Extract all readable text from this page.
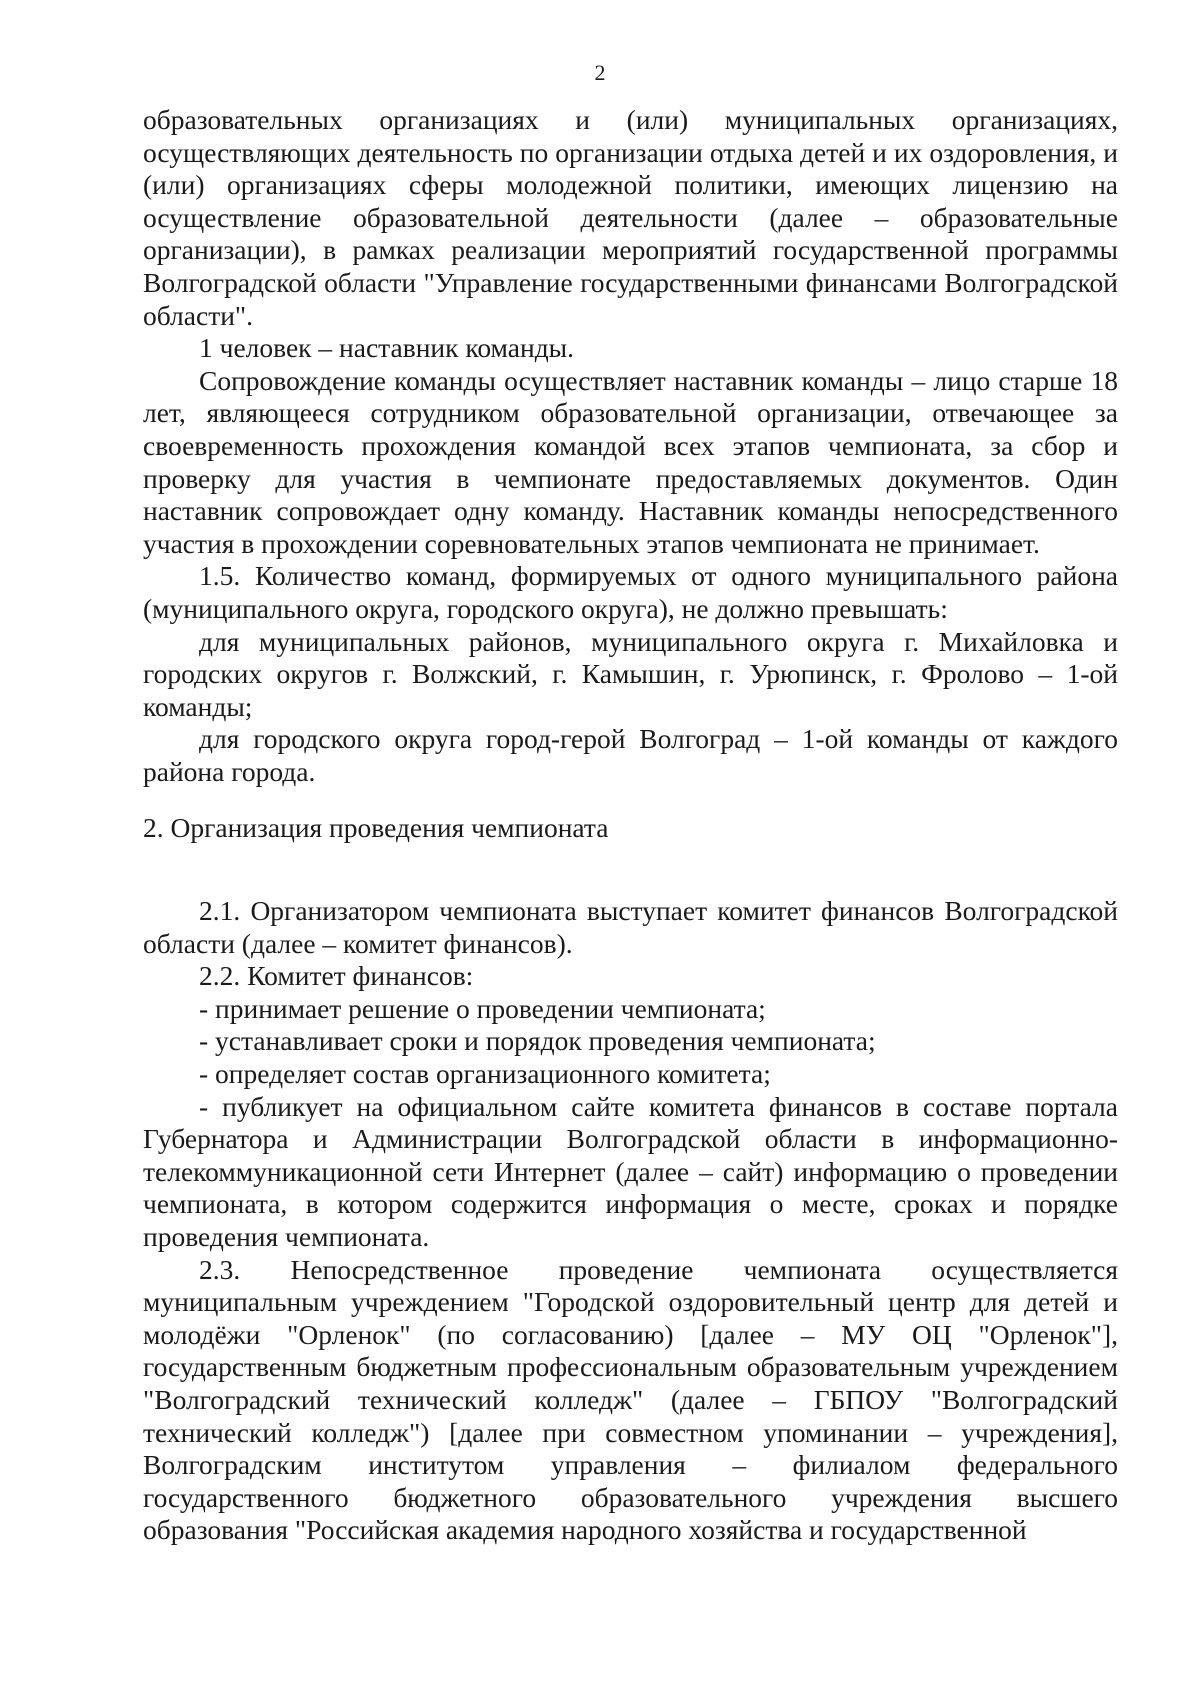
2

образовательных организациях и (или) муниципальных организациях, осуществляющих деятельность по организации отдыха детей и их оздоровления, и (или) организациях сферы молодежной политики, имеющих лицензию на осуществление образовательной деятельности (далее – образовательные организации), в рамках реализации мероприятий государственной программы Волгоградской области "Управление государственными финансами Волгоградской области".

1 человек – наставник команды.

Сопровождение команды осуществляет наставник команды – лицо старше 18 лет, являющееся сотрудником образовательной организации, отвечающее за своевременность прохождения командой всех этапов чемпионата, за сбор и проверку для участия в чемпионате предоставляемых документов. Один наставник сопровождает одну команду. Наставник команды непосредственного участия в прохождении соревновательных этапов чемпионата не принимает.

1.5. Количество команд, формируемых от одного муниципального района (муниципального округа, городского округа), не должно превышать:

для муниципальных районов, муниципального округа г. Михайловка и городских округов г. Волжский, г. Камышин, г. Урюпинск, г. Фролово – 1-ой команды;

для городского округа город-герой Волгоград – 1-ой команды от каждого района города.

2. Организация проведения чемпионата

2.1. Организатором чемпионата выступает комитет финансов Волгоградской области (далее – комитет финансов).

2.2. Комитет финансов:

- принимает решение о проведении чемпионата;

- устанавливает сроки и порядок проведения чемпионата;

- определяет состав организационного комитета;

- публикует на официальном сайте комитета финансов в составе портала Губернатора и Администрации Волгоградской области в информационно-телекоммуникационной сети Интернет (далее – сайт) информацию о проведении чемпионата, в котором содержится информация о месте, сроках и порядке проведения чемпионата.

2.3. Непосредственное проведение чемпионата осуществляется муниципальным учреждением "Городской оздоровительный центр для детей и молодёжи "Орленок" (по согласованию) [далее – МУ ОЦ "Орленок"], государственным бюджетным профессиональным образовательным учреждением "Волгоградский технический колледж" (далее – ГБПОУ "Волгоградский технический колледж") [далее при совместном упоминании – учреждения], Волгоградским институтом управления – филиалом федерального государственного бюджетного образовательного учреждения высшего образования "Российская академия народного хозяйства и государственной
